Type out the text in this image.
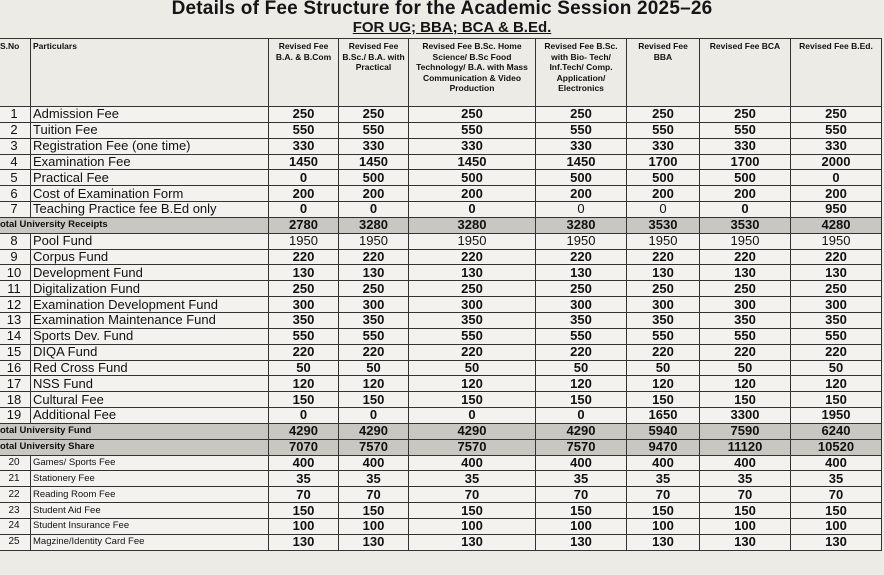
Details of Fee Structure for the Academic Session 2025–26
FOR UG; BBA; BCA & B.Ed.
S.No	Particulars	Revised Fee B.A. & B.Com	Revised Fee B.Sc./ B.A. with Practical	Revised Fee B.Sc. Home Science/ B.Sc Food Technology/ B.A. with Mass Communication & Video Production	Revised Fee B.Sc. with Bio- Tech/ Inf.Tech/ Comp. Application/ Electronics	Revised Fee BBA	Revised Fee BCA	Revised Fee B.Ed.
1	Admission Fee	250	250	250	250	250	250	250
2	Tuition Fee	550	550	550	550	550	550	550
3	Registration Fee (one time)	330	330	330	330	330	330	330
4	Examination Fee	1450	1450	1450	1450	1700	1700	2000
5	Practical Fee	0	500	500	500	500	500	0
6	Cost of Examination Form	200	200	200	200	200	200	200
7	Teaching Practice fee B.Ed only	0	0	0	0	0	0	950
otal University Receipts		2780	3280	3280	3280	3530	3530	4280
8	Pool Fund	1950	1950	1950	1950	1950	1950	1950
9	Corpus Fund	220	220	220	220	220	220	220
10	Development Fund	130	130	130	130	130	130	130
11	Digitalization Fund	250	250	250	250	250	250	250
12	Examination Development Fund	300	300	300	300	300	300	300
13	Examination Maintenance Fund	350	350	350	350	350	350	350
14	Sports Dev. Fund	550	550	550	550	550	550	550
15	DIQA Fund	220	220	220	220	220	220	220
16	Red Cross Fund	50	50	50	50	50	50	50
17	NSS Fund	120	120	120	120	120	120	120
18	Cultural Fee	150	150	150	150	150	150	150
19	Additional Fee	0	0	0	0	1650	3300	1950
otal University Fund		4290	4290	4290	4290	5940	7590	6240
otal University Share		7070	7570	7570	7570	9470	11120	10520
20	Games/ Sports Fee	400	400	400	400	400	400	400
21	Stationery Fee	35	35	35	35	35	35	35
22	Reading Room Fee	70	70	70	70	70	70	70
23	Student Aid Fee	150	150	150	150	150	150	150
24	Student Insurance Fee	100	100	100	100	100	100	100
25	Magzine/Identity Card Fee	130	130	130	130	130	130	130
